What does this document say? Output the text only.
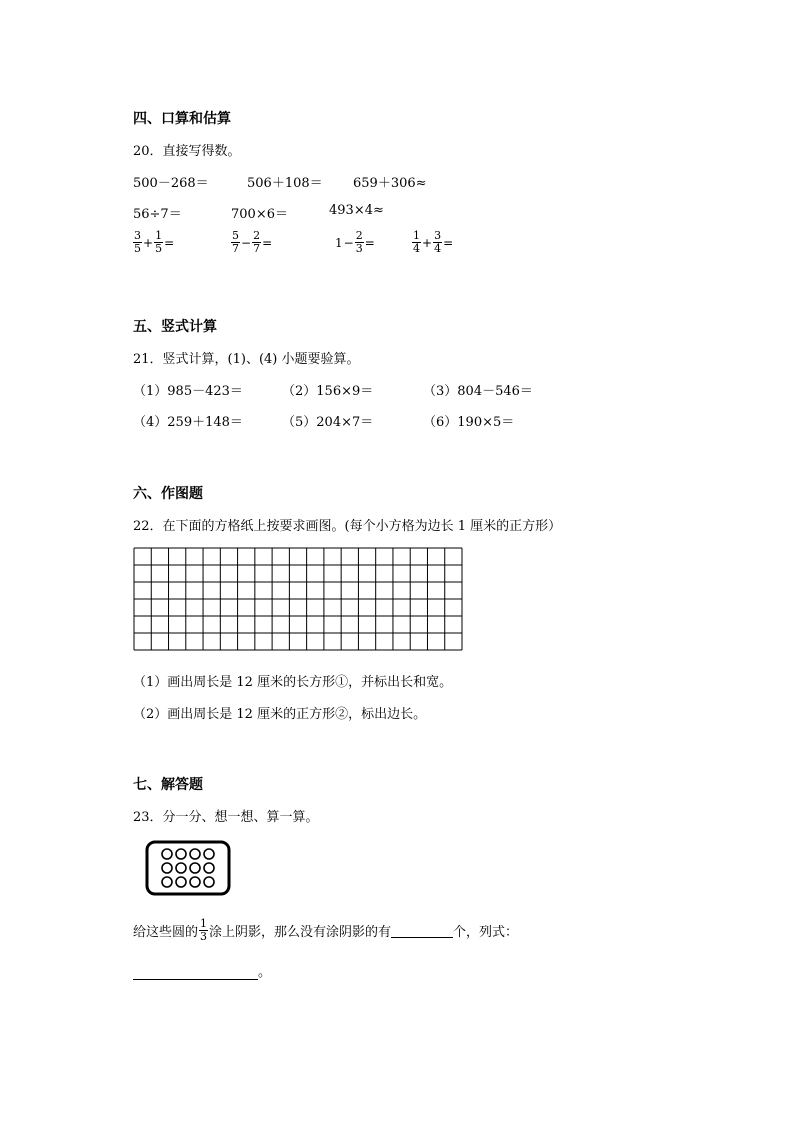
四、口算和估算
20．直接写得数。
500－268＝	506＋108＝ 659＋306≈
56÷7＝	700×6＝	493×4≈
$\frac{3}{5} + \frac{1}{5}$ =	$\frac{5}{7} - \frac{2}{7}$ =	$1 - \frac{2}{3}$ =	$\frac{1}{4} + \frac{3}{4}$ =
五、竖式计算
21．竖式计算，(1)、(4) 小题要验算。
（1）985－423＝	（2）156×9＝	（3）804－546＝
（4）259＋148＝	（5）204×7＝	（6）190×5＝
六、作图题
22．在下面的方格纸上按要求画图。(每个小方格为边长 1 厘米的正方形）
（1）画出周长是 12 厘米的长方形①，并标出长和宽。
（2）画出周长是 12 厘米的正方形②，标出边长。
七、解答题
23．分一分、想一想、算一算。
给这些圆的 $\frac{1}{3}$ 涂上阴影，那么没有涂阴影的有	个，列式：
。
